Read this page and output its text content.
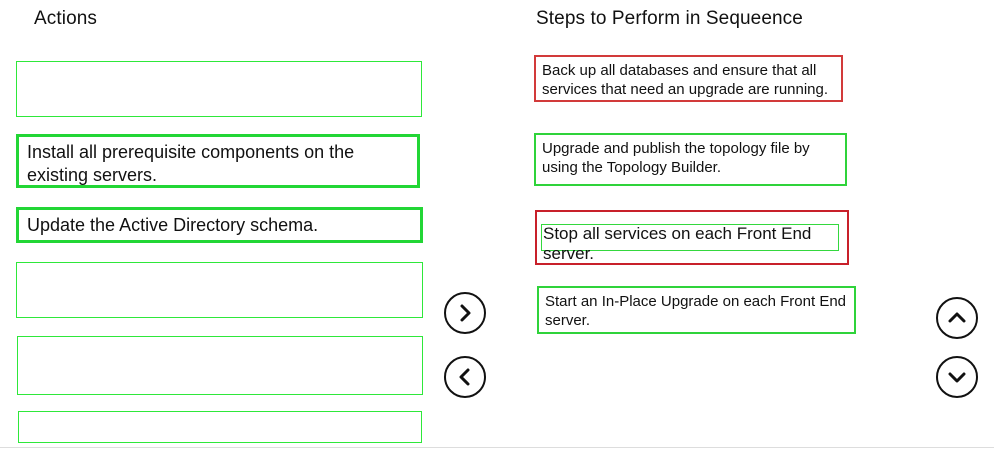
Actions	Steps to Perform in Sequeence
Install all prerequisite components on the existing servers.
Update the Active Directory schema.
Back up all databases and ensure that all services that need an upgrade are running.
Upgrade and publish the topology file by using the Topology Builder.
Stop all services on each Front End server.
Start an In-Place Upgrade on each Front End server.
